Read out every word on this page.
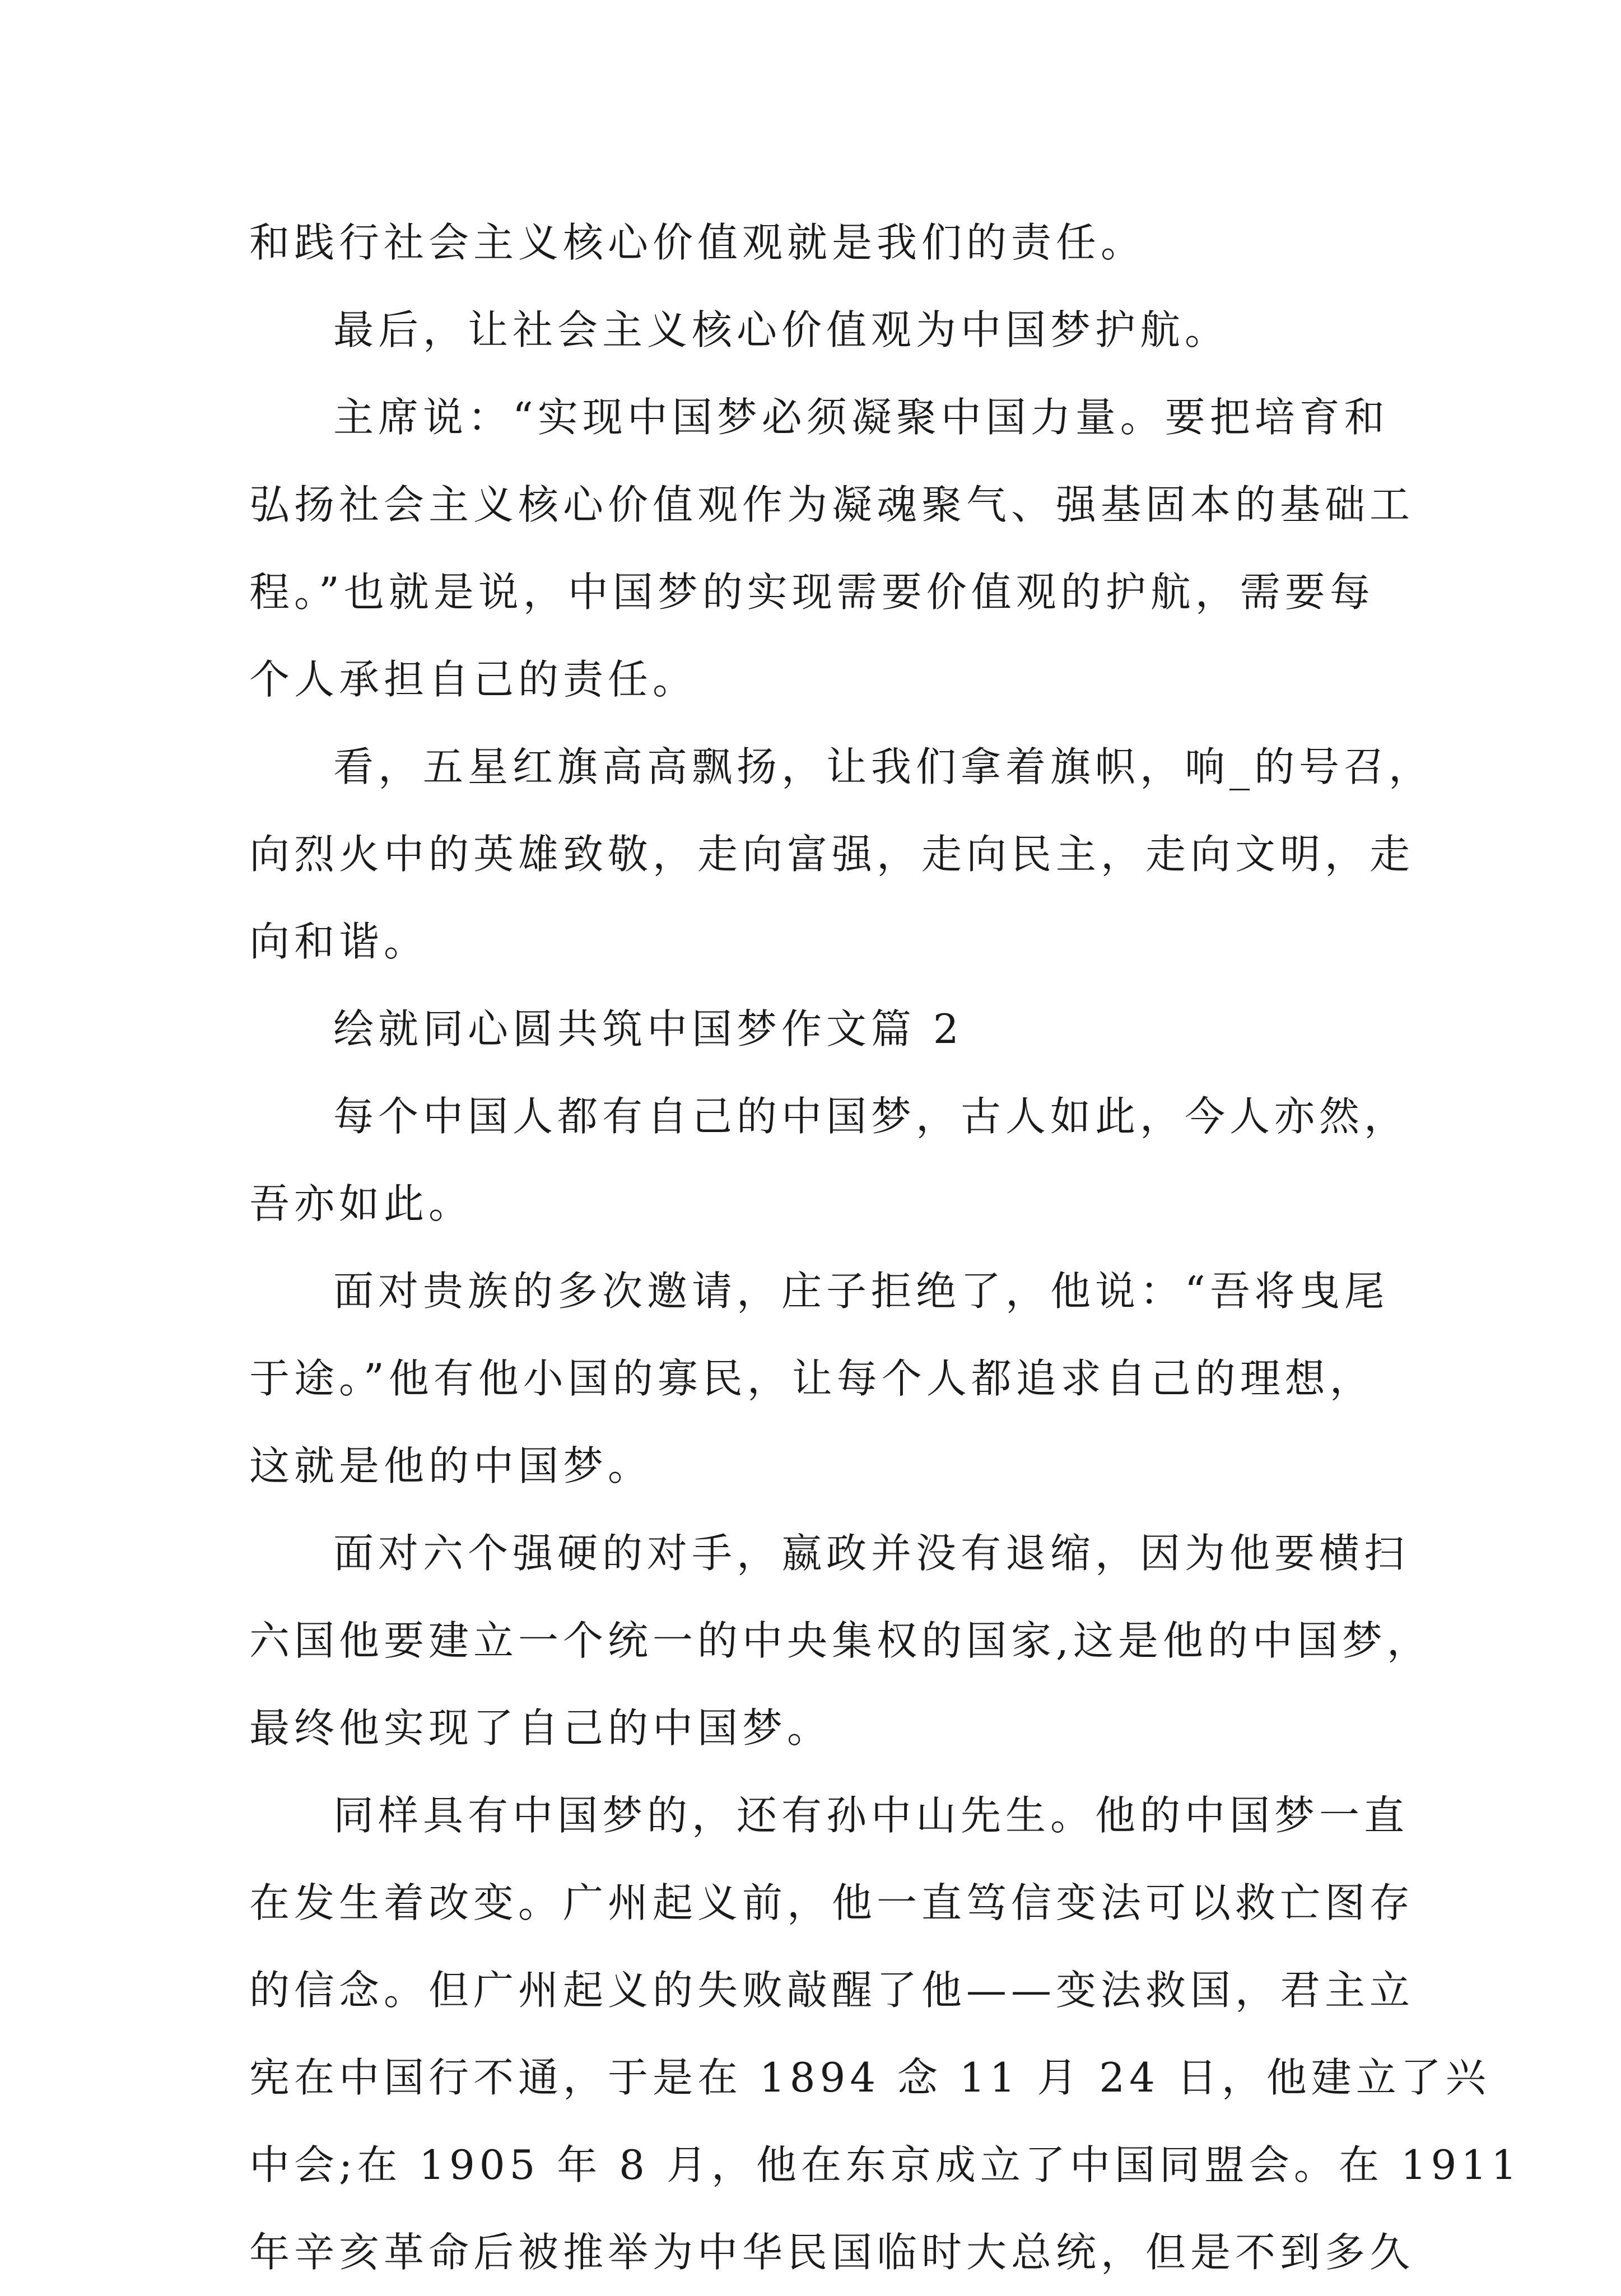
和践行社会主义核心价值观就是我们的责任。
最后，让社会主义核心价值观为中国梦护航。
主席说：“实现中国梦必须凝聚中国力量。要把培育和
弘扬社会主义核心价值观作为凝魂聚气、强基固本的基础工
程。”也就是说，中国梦的实现需要价值观的护航，需要每
个人承担自己的责任。
看，五星红旗高高飘扬，让我们拿着旗帜，响_的号召，
向烈火中的英雄致敬，走向富强，走向民主，走向文明，走
向和谐。
绘就同心圆共筑中国梦作文篇 2
每个中国人都有自己的中国梦，古人如此，今人亦然，
吾亦如此。
面对贵族的多次邀请，庄子拒绝了，他说：“吾将曳尾
于途。”他有他小国的寡民，让每个人都追求自己的理想，
这就是他的中国梦。
面对六个强硬的对手，嬴政并没有退缩，因为他要横扫
六国他要建立一个统一的中央集权的国家,这是他的中国梦，
最终他实现了自己的中国梦。
同样具有中国梦的，还有孙中山先生。他的中国梦一直
在发生着改变。广州起义前，他一直笃信变法可以救亡图存
的信念。但广州起义的失败敲醒了他——变法救国，君主立
宪在中国行不通，于是在 1894 念 11 月 24 日，他建立了兴
中会;在 1905 年 8 月，他在东京成立了中国同盟会。在 1911
年辛亥革命后被推举为中华民国临时大总统，但是不到多久
